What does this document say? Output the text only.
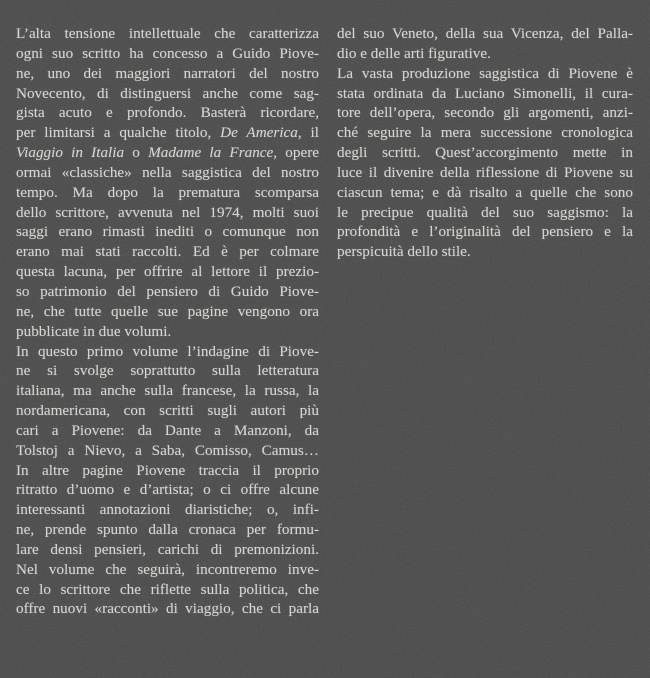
L’alta tensione intellettuale che caratterizza
ogni suo scritto ha concesso a Guido Piove-
ne, uno dei maggiori narratori del nostro
Novecento, di distinguersi anche come sag-
gista acuto e profondo. Basterà ricordare,
per limitarsi a qualche titolo, De America, il
Viaggio in Italia o Madame la France, opere
ormai «classiche» nella saggistica del nostro
tempo. Ma dopo la prematura scomparsa
dello scrittore, avvenuta nel 1974, molti suoi
saggi erano rimasti inediti o comunque non
erano mai stati raccolti. Ed è per colmare
questa lacuna, per offrire al lettore il prezio-
so patrimonio del pensiero di Guido Piove-
ne, che tutte quelle sue pagine vengono ora
pubblicate in due volumi.
In questo primo volume l’indagine di Piove-
ne si svolge soprattutto sulla letteratura
italiana, ma anche sulla francese, la russa, la
nordamericana, con scritti sugli autori più
cari a Piovene: da Dante a Manzoni, da
Tolstoj a Nievo, a Saba, Comisso, Camus…
In altre pagine Piovene traccia il proprio
ritratto d’uomo e d’artista; o ci offre alcune
interessanti annotazioni diaristiche; o, infi-
ne, prende spunto dalla cronaca per formu-
lare densi pensieri, carichi di premonizioni.
Nel volume che seguirà, incontreremo inve-
ce lo scrittore che riflette sulla politica, che
offre nuovi «racconti» di viaggio, che ci parla
del suo Veneto, della sua Vicenza, del Palla-
dio e delle arti figurative.
La vasta produzione saggistica di Piovene è
stata ordinata da Luciano Simonelli, il cura-
tore dell’opera, secondo gli argomenti, anzi-
ché seguire la mera successione cronologica
degli scritti. Quest’accorgimento mette in
luce il divenire della riflessione di Piovene su
ciascun tema; e dà risalto a quelle che sono
le precipue qualità del suo saggismo: la
profondità e l’originalità del pensiero e la
perspicuità dello stile.
